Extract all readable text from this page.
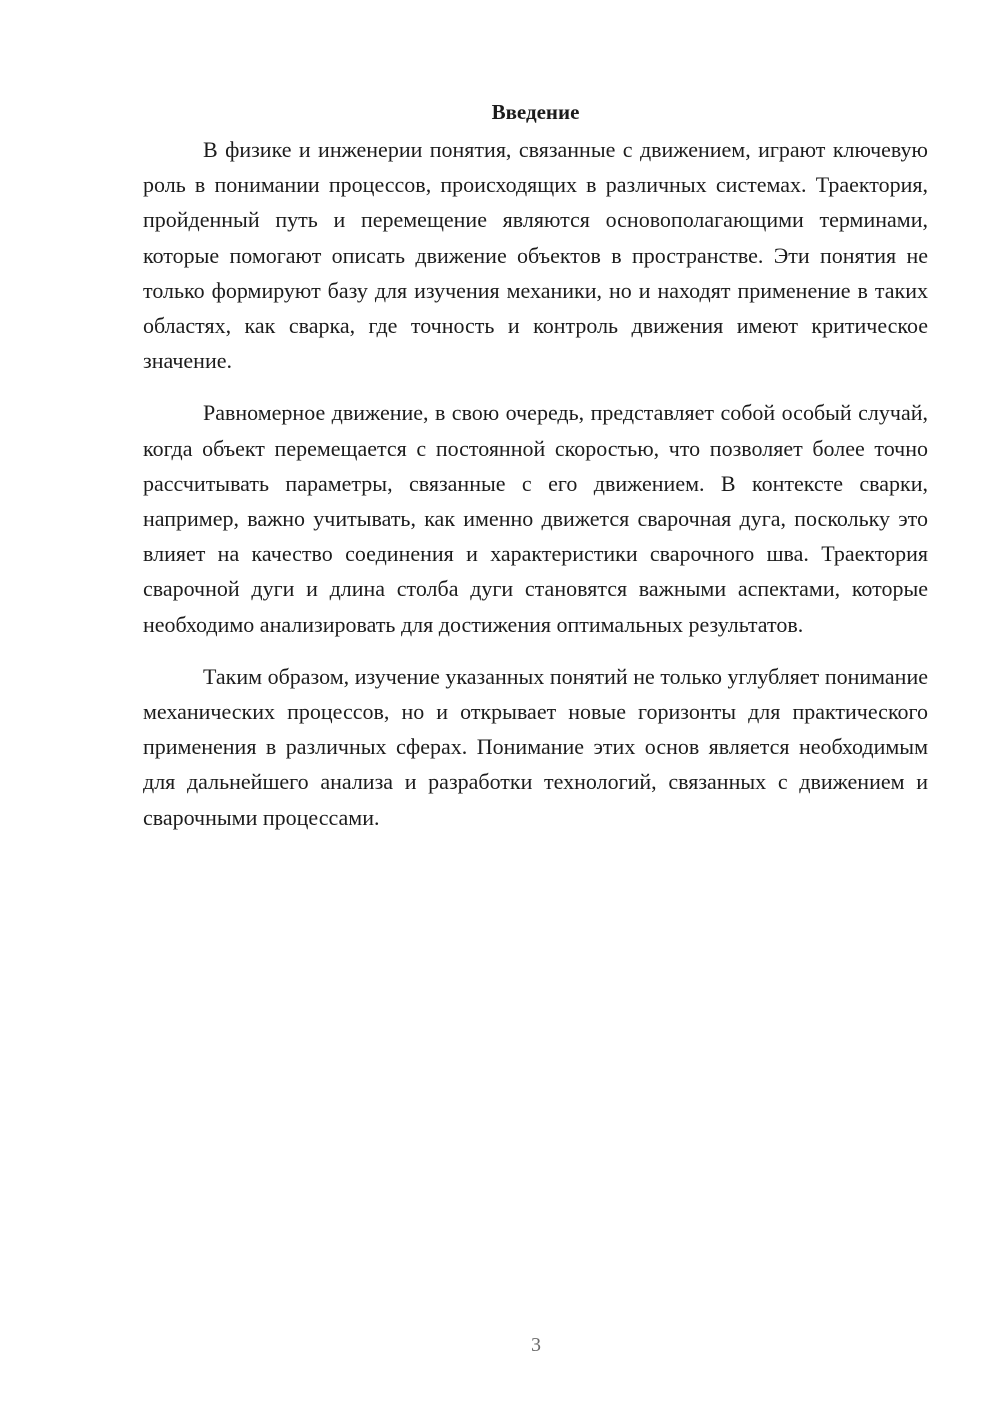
Введение

В физике и инженерии понятия, связанные с движением, играют ключевую роль в понимании процессов, происходящих в различных системах. Траектория, пройденный путь и перемещение являются основополагающими терминами, которые помогают описать движение объектов в пространстве. Эти понятия не только формируют базу для изучения механики, но и находят применение в таких областях, как сварка, где точность и контроль движения имеют критическое значение.

Равномерное движение, в свою очередь, представляет собой особый случай, когда объект перемещается с постоянной скоростью, что позволяет более точно рассчитывать параметры, связанные с его движением. В контексте сварки, например, важно учитывать, как именно движется сварочная дуга, поскольку это влияет на качество соединения и характеристики сварочного шва. Траектория сварочной дуги и длина столба дуги становятся важными аспектами, которые необходимо анализировать для достижения оптимальных результатов.

Таким образом, изучение указанных понятий не только углубляет понимание механических процессов, но и открывает новые горизонты для практического применения в различных сферах. Понимание этих основ является необходимым для дальнейшего анализа и разработки технологий, связанных с движением и сварочными процессами.

3
